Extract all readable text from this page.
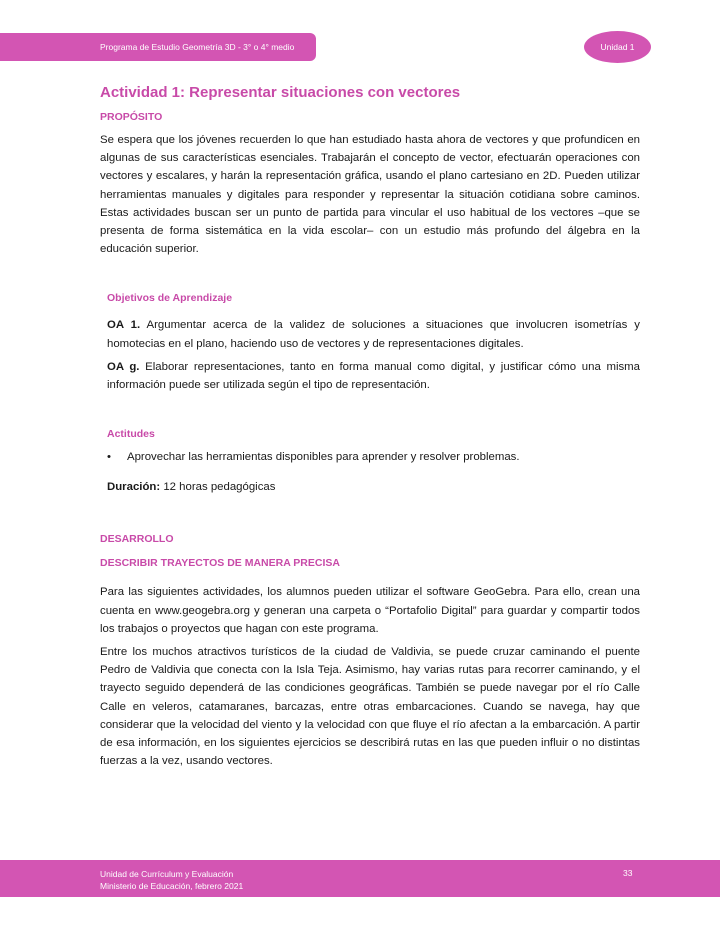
Programa de Estudio Geometría 3D - 3° o 4° medio	Unidad 1
Actividad 1: Representar situaciones con vectores
PROPÓSITO

Se espera que los jóvenes recuerden lo que han estudiado hasta ahora de vectores y que profundicen en algunas de sus características esenciales. Trabajarán el concepto de vector, efectuarán operaciones con vectores y escalares, y harán la representación gráfica, usando el plano cartesiano en 2D. Pueden utilizar herramientas manuales y digitales para responder y representar la situación cotidiana sobre caminos. Estas actividades buscan ser un punto de partida para vincular el uso habitual de los vectores –que se presenta de forma sistemática en la vida escolar– con un estudio más profundo del álgebra en la educación superior.

Objetivos de Aprendizaje

OA 1. Argumentar acerca de la validez de soluciones a situaciones que involucren isometrías y homotecias en el plano, haciendo uso de vectores y de representaciones digitales.

OA g. Elaborar representaciones, tanto en forma manual como digital, y justificar cómo una misma información puede ser utilizada según el tipo de representación.

Actitudes
•	Aprovechar las herramientas disponibles para aprender y resolver problemas.

Duración: 12 horas pedagógicas

DESARROLLO
DESCRIBIR TRAYECTOS DE MANERA PRECISA

Para las siguientes actividades, los alumnos pueden utilizar el software GeoGebra. Para ello, crean una cuenta en www.geogebra.org y generan una carpeta o “Portafolio Digital” para guardar y compartir todos los trabajos o proyectos que hagan con este programa.

Entre los muchos atractivos turísticos de la ciudad de Valdivia, se puede cruzar caminando el puente Pedro de Valdivia que conecta con la Isla Teja. Asimismo, hay varias rutas para recorrer caminando, y el trayecto seguido dependerá de las condiciones geográficas. También se puede navegar por el río Calle Calle en veleros, catamaranes, barcazas, entre otras embarcaciones. Cuando se navega, hay que considerar que la velocidad del viento y la velocidad con que fluye el río afectan a la embarcación. A partir de esa información, en los siguientes ejercicios se describirá rutas en las que pueden influir o no distintas fuerzas a la vez, usando vectores.

Unidad de Currículum y Evaluación
Ministerio de Educación, febrero 2021
33
